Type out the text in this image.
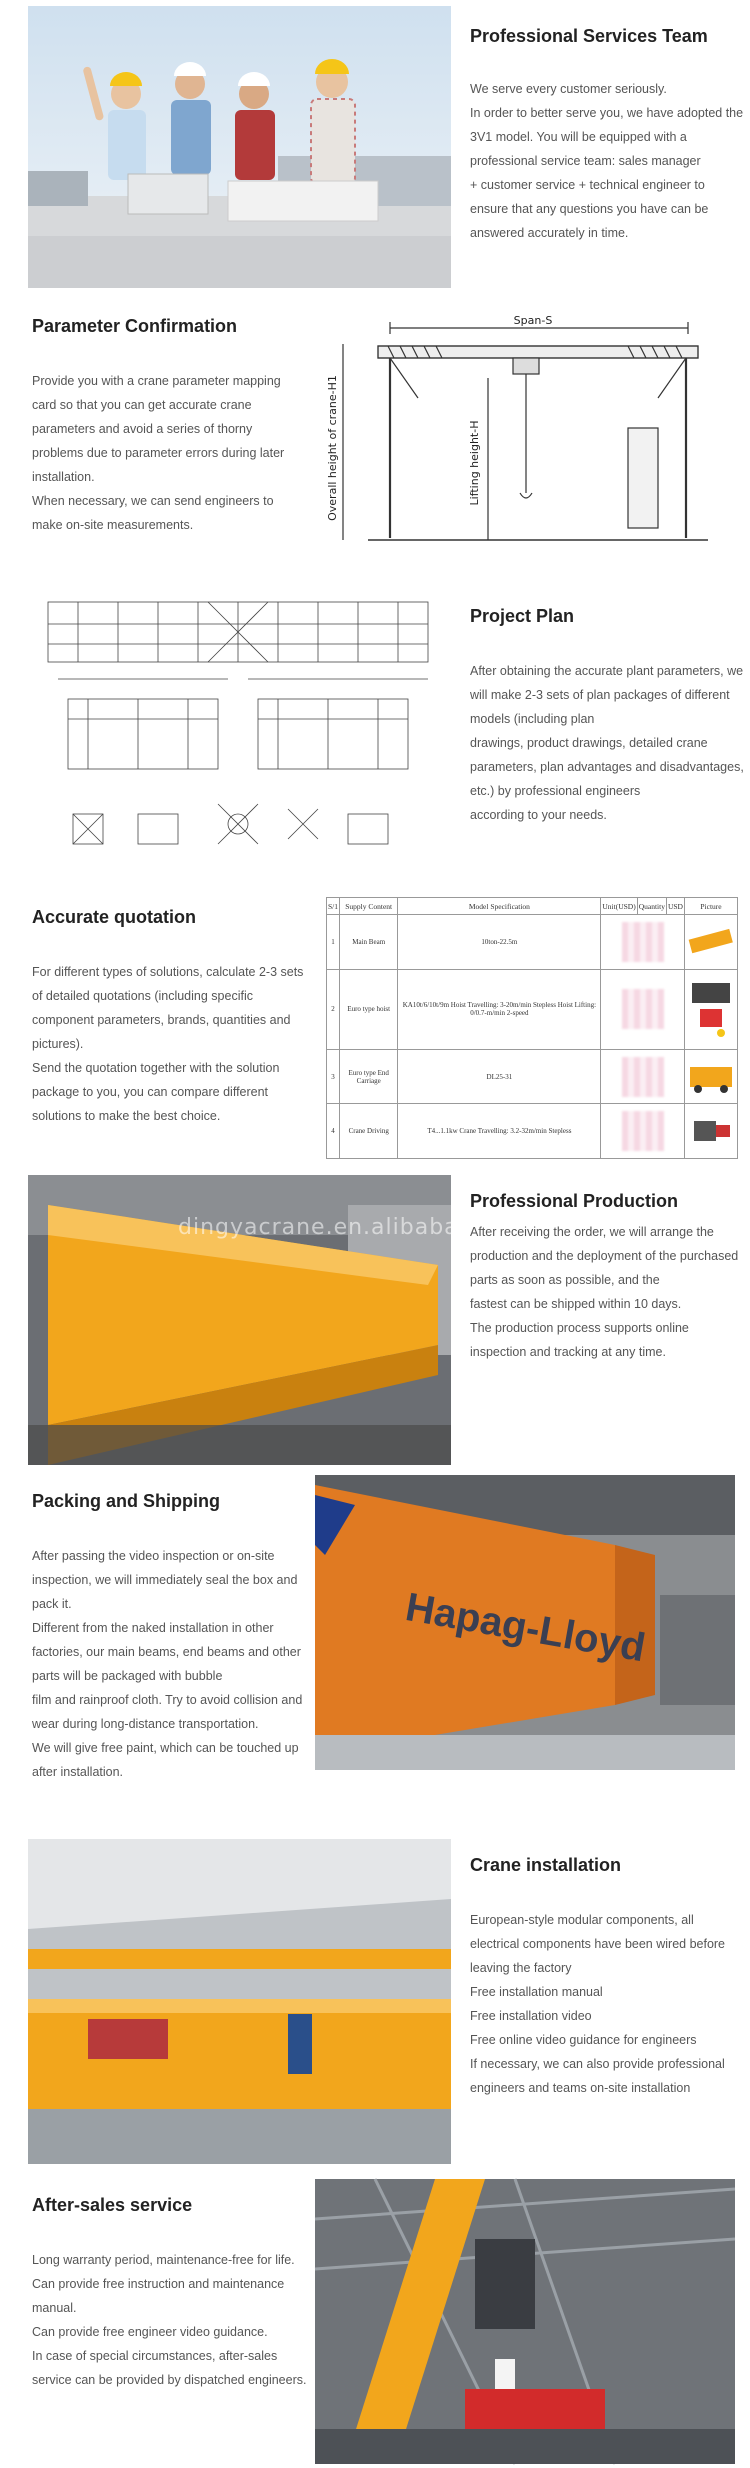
Professional Services Team
We serve every customer seriously.
In order to better serve you, we have adopted the 3V1 model. You will be equipped with a professional service team: sales manager
+ customer service + technical engineer to ensure that any questions you have can be answered accurately in time.
Parameter Confirmation
Provide you with a crane parameter mapping card so that you can get accurate crane parameters and avoid a series of thorny
problems due to parameter errors during later installation.
When necessary, we can send engineers to make on-site measurements.
Span-S
Overall height of crane-H1	Lifting height-H
Project Plan
After obtaining the accurate plant parameters, we will make 2-3 sets of plan packages of different models (including plan
drawings, product drawings, detailed crane parameters, plan advantages and disadvantages, etc.) by professional engineers
according to your needs.
Accurate quotation
For different types of solutions, calculate 2-3 sets of detailed quotations (including specific component parameters, brands, quantities and pictures).
Send the quotation together with the solution package to you, you can compare different solutions to make the best choice.
S/1	Supply Content	Model Specification	Unit(USD)	Quantity	USD	Picture
1	Main Beam	10ton-22.5m	

2	Euro type hoist	KA10t/6/10t/9m Hoist Travelling: 3-20m/min Stepless Hoist Lifting: 0/0.7-m/min 2-speed	

3	Euro type End Carriage	DL25-31	

4	Crane Driving	T4...1.1kw Crane Travelling: 3.2-32m/min Stepless	

dingyacrane.en.alibaba.com
Professional Production
After receiving the order, we will arrange the production and the deployment of the purchased parts as soon as possible, and the
fastest can be shipped within 10 days.
The production process supports online inspection and tracking at any time.
Packing and Shipping
After passing the video inspection or on-site inspection, we will immediately seal the box and pack it.
Different from the naked installation in other factories, our main beams, end beams and other parts will be packaged with bubble
film and rainproof cloth. Try to avoid collision and wear during long-distance transportation.
We will give free paint, which can be touched up after installation.
Hapag-Lloyd
Crane installation
European-style modular components, all electrical components have been wired before leaving the factory
Free installation manual
Free installation video
Free online video guidance for engineers
If necessary, we can also provide professional engineers and teams on-site installation
After-sales service
Long warranty period, maintenance-free for life.
Can provide free instruction and maintenance manual.
Can provide free engineer video guidance.
In case of special circumstances, after-sales service can be provided by dispatched engineers.
